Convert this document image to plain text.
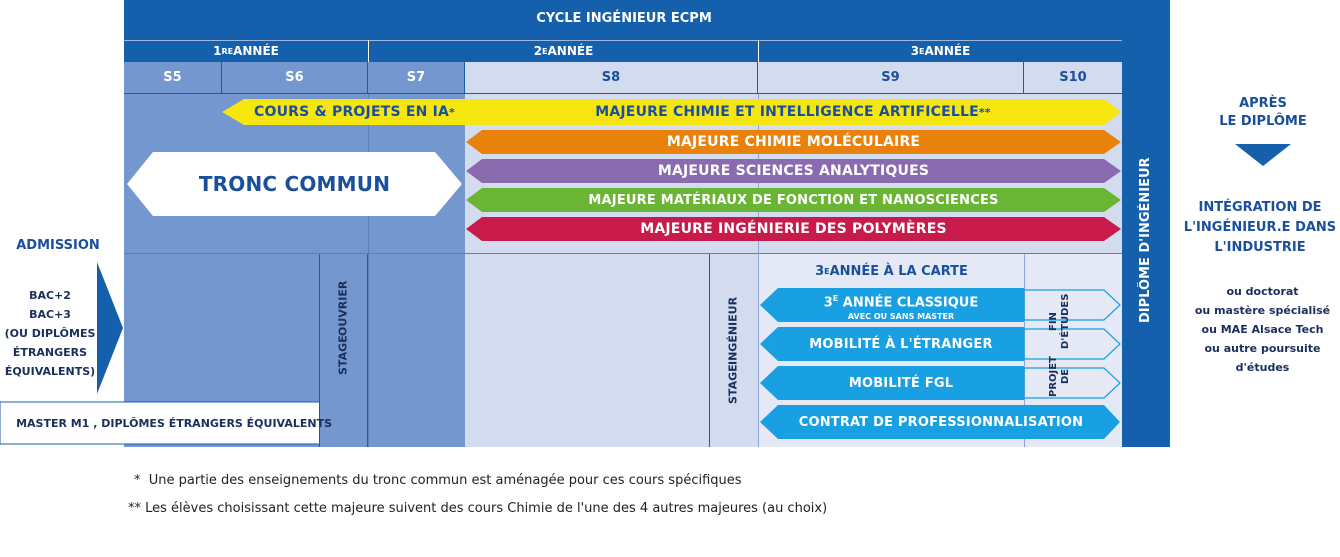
CYCLE INGÉNIEUR ECPM
1 RE ANNÉE	2 E ANNÉE	3 E ANNÉE
S5	S6	S7	S8	S9	S10
COURS & PROJETS EN IA *	MAJEURE CHIMIE ET INTELLIGENCE ARTIFICELLE **
MAJEURE CHIMIE MOLÉCULAIRE
MAJEURE SCIENCES ANALYTIQUES
MAJEURE MATÉRIAUX DE FONCTION ET NANOSCIENCES
MAJEURE INGÉNIERIE DES POLYMÈRES
TRONC COMMUN
STAGE
OUVRIER
STAGE
INGÉNIEUR
3 E ANNÉE À LA CARTE
$3^E$ ANNÉE CLASSIQUE
AVEC OU SANS MASTER
MOBILITÉ À L'ÉTRANGER
MOBILITÉ FGL
CONTRAT DE PROFESSIONNALISATION
PROJET DE
FIN D'ÉTUDES	DIPLÔME D'INGÉNIEUR
ADMISSION
BAC+2
BAC+3
(OU DIPLÔMES
ÉTRANGERS
ÉQUIVALENTS)
MASTER M1 , DIPLÔMES ÉTRANGERS ÉQUIVALENTS
APRÈS
LE DIPLÔME
INTÉGRATION DE
L'INGÉNIEUR.E DANS
L'INDUSTRIE
ou doctorat
ou mastère spécialisé
ou MAE Alsace Tech
ou autre poursuite
d'études
* Une partie des enseignements du tronc commun est aménagée pour ces cours spécifiques
** Les élèves choisissant cette majeure suivent des cours Chimie de l'une des 4 autres majeures (au choix)
